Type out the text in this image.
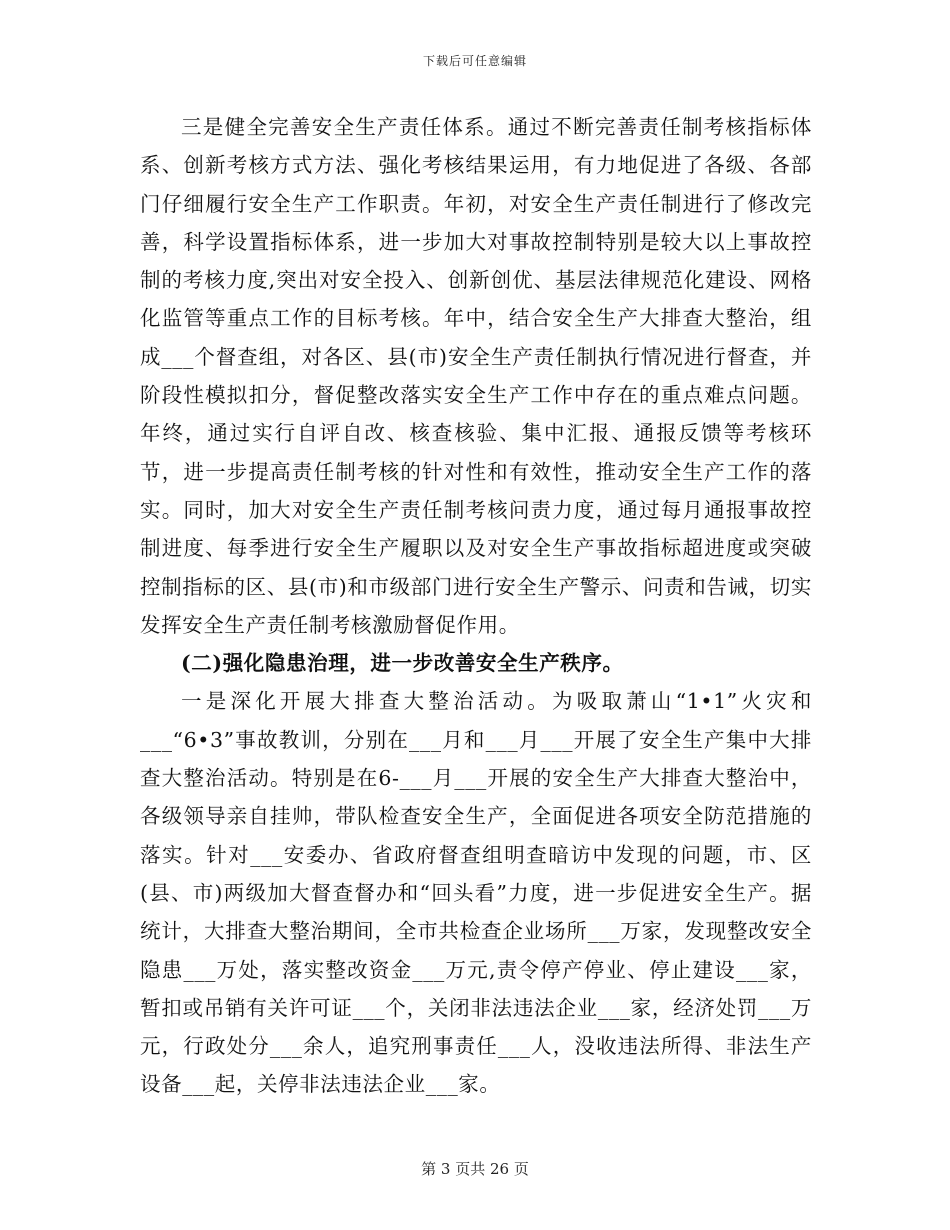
下载后可任意编辑

三是健全完善安全生产责任体系。通过不断完善责任制考核指标体系、创新考核方式方法、强化考核结果运用，有力地促进了各级、各部门仔细履行安全生产工作职责。年初，对安全生产责任制进行了修改完善，科学设置指标体系，进一步加大对事故控制特别是较大以上事故控制的考核力度,突出对安全投入、创新创优、基层法律规范化建设、网格化监管等重点工作的目标考核。年中，结合安全生产大排查大整治，组成___个督查组，对各区、县(市)安全生产责任制执行情况进行督查，并阶段性模拟扣分，督促整改落实安全生产工作中存在的重点难点问题。年终，通过实行自评自改、核查核验、集中汇报、通报反馈等考核环节，进一步提高责任制考核的针对性和有效性，推动安全生产工作的落实。同时，加大对安全生产责任制考核问责力度，通过每月通报事故控制进度、每季进行安全生产履职以及对安全生产事故指标超进度或突破控制指标的区、县(市)和市级部门进行安全生产警示、问责和告诫，切实发挥安全生产责任制考核激励督促作用。

(二)强化隐患治理，进一步改善安全生产秩序。

一是深化开展大排查大整治活动。为吸取萧山“1•1”火灾和___“6•3”事故教训，分别在___月和___月___开展了安全生产集中大排查大整治活动。特别是在6-___月___开展的安全生产大排查大整治中，各级领导亲自挂帅，带队检查安全生产，全面促进各项安全防范措施的落实。针对___安委办、省政府督查组明查暗访中发现的问题，市、区(县、市)两级加大督查督办和“回头看”力度，进一步促进安全生产。据统计，大排查大整治期间，全市共检查企业场所___万家，发现整改安全隐患___万处，落实整改资金___万元,责令停产停业、停止建设___家，暂扣或吊销有关许可证___个，关闭非法违法企业___家，经济处罚___万元，行政处分___余人，追究刑事责任___人，没收违法所得、非法生产设备___起，关停非法违法企业___家。

第 3 页共 26 页
